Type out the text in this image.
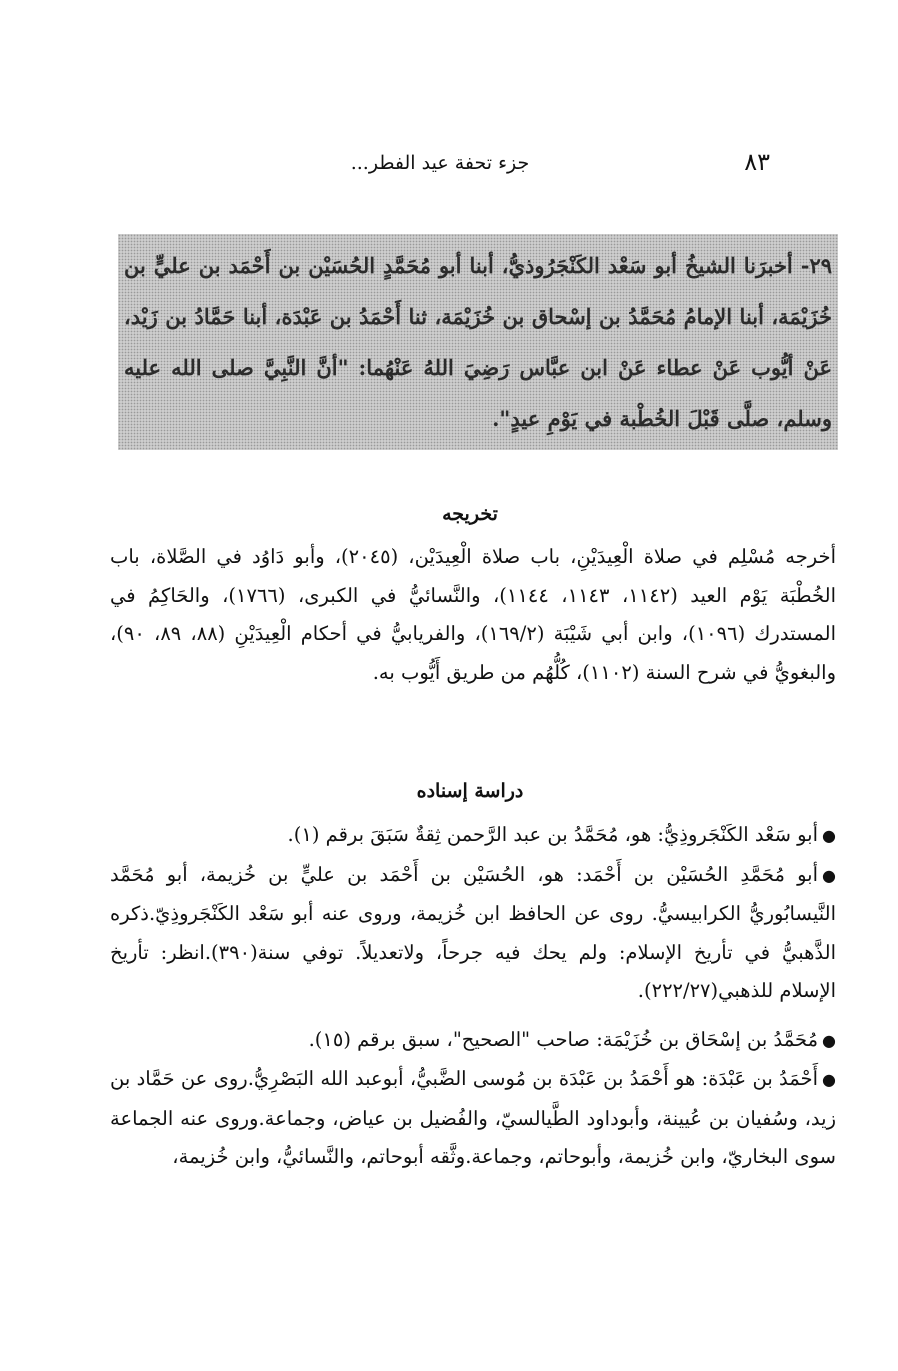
٨٣
جزء تحفة عيد الفطر...

٢٩- أخبرَنا الشيخُ أبو سَعْد الكَنْجَرُوذيُّ، أبنا أبو مُحَمَّدٍ الحُسَيْن بن أَحْمَد بن عليٍّ بن خُزَيْمَة، أبنا الإمامُ مُحَمَّدُ بن إسْحاق بن خُزَيْمَة، ثنا أَحْمَدُ بن عَبْدَة، أبنا حَمَّادُ بن زَيْد، عَنْ أيُّوب عَنْ عطاء عَنْ ابن عبَّاس رَضِيَ اللهُ عَنْهُما: "أنَّ النَّبِيَّ صلى الله عليه وسلم، صلَّى قَبْلَ الخُطْبة في يَوْمِ عيدٍ".

تخريجه

أخرجه مُسْلِم في صلاة الْعِيدَيْنِ، باب صلاة الْعِيدَيْن، (٢٠٤٥)، وأبو دَاوُد في الصَّلاة، باب الخُطْبَة يَوْم العيد (١١٤٢، ١١٤٣، ١١٤٤)، والنَّسائيُّ في الكبرى، (١٧٦٦)، والحَاكِمُ في المستدرك (١٠٩٦)، وابن أبي شَيْبَة (١٦٩/٢)، والفريابيُّ في أحكام الْعِيدَيْنِ (٨٨، ٨٩، ٩٠)، والبغويُّ في شرح السنة (١١٠٢)، كُلُّهُم من طريق أَيُّوب به.

دراسة إسناده

●أبو سَعْد الكَنْجَروذِيُّ: هو، مُحَمَّدُ بن عبد الرَّحمن ثِقةٌ سَبَقَ برقم (١).

●أبو مُحَمَّدِ الحُسَيْن بن أَحْمَد: هو، الحُسَيْن بن أَحْمَد بن عليٍّ بن خُزيمة، أبو مُحَمَّد النَّيسابُوريُّ الكرابيسيُّ. روى عن الحافظ ابن خُزيمة، وروى عنه أبو سَعْد الكَنْجَروذِيّ.ذكره الذَّهبيُّ في تأريخ الإسلام: ولم يحك فيه جرحاً، ولاتعديلاً. توفي سنة(٣٩٠).انظر: تأريخ الإسلام للذهبي(٢٢٢/٢٧).

●مُحَمَّدُ بن إسْحَاق بن خُزَيْمَة: صاحب "الصحيح"، سبق برقم (١٥).

●أَحْمَدُ بن عَبْدَة: هو أَحْمَدُ بن عَبْدَة بن مُوسى الضَّبيُّ، أبوعبد الله البَصْرِيُّ.روى عن حَمَّاد بن زيد، وسُفيان بن عُيينة، وأبوداود الطَّيالسيّ، والفُضيل بن عياض، وجماعة.وروى عنه الجماعة سوى البخاريّ، وابن خُزيمة، وأبوحاتم، وجماعة.وثَّقه أبوحاتم، والنَّسائيُّ، وابن خُزيمة،
